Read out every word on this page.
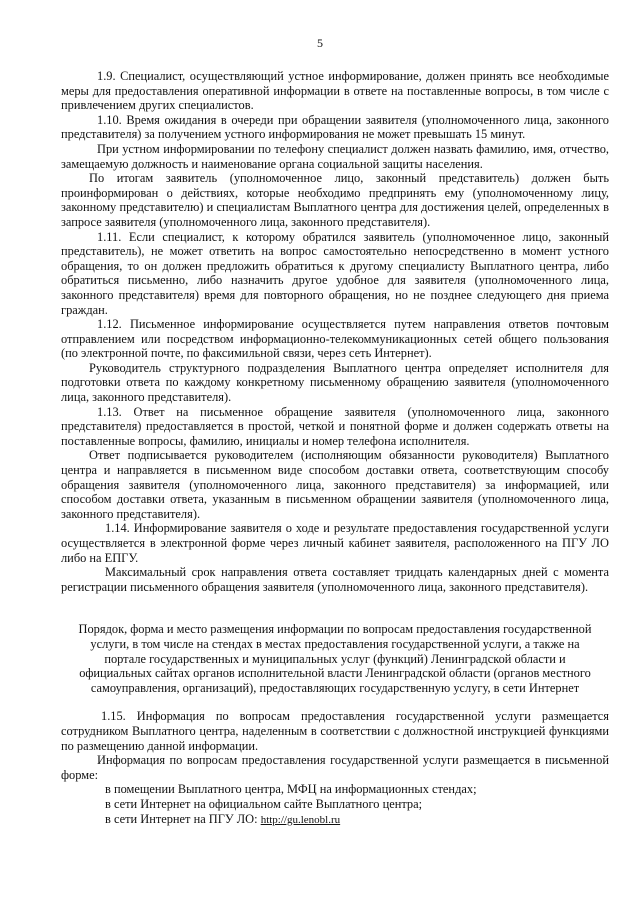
5

1.9. Специалист, осуществляющий устное информирование, должен принять все необходимые меры для предоставления оперативной информации в ответе на поставленные вопросы, в том числе с привлечением других специалистов.

1.10. Время ожидания в очереди при обращении заявителя (уполномоченного лица, законного представителя) за получением устного информирования не может превышать 15 минут.

При устном информировании по телефону специалист должен назвать фамилию, имя, отчество, замещаемую должность и наименование органа социальной защиты населения.

По итогам заявитель (уполномоченное лицо, законный представитель) должен быть проинформирован о действиях, которые необходимо предпринять ему (уполномоченному лицу, законному представителю) и специалистам Выплатного центра для достижения целей, определенных в запросе заявителя (уполномоченного лица, законного представителя).

1.11. Если специалист, к которому обратился заявитель (уполномоченное лицо, законный представитель), не может ответить на вопрос самостоятельно непосредственно в момент устного обращения, то он должен предложить обратиться к другому специалисту Выплатного центра, либо обратиться письменно, либо назначить другое удобное для заявителя (уполномоченного лица, законного представителя) время для повторного обращения, но не позднее следующего дня приема граждан.

1.12. Письменное информирование осуществляется путем направления ответов почтовым отправлением или посредством информационно-телекоммуникационных сетей общего пользования (по электронной почте, по факсимильной связи, через сеть Интернет).

Руководитель структурного подразделения Выплатного центра определяет исполнителя для подготовки ответа по каждому конкретному письменному обращению заявителя (уполномоченного лица, законного представителя).

1.13. Ответ на письменное обращение заявителя (уполномоченного лица, законного представителя) предоставляется в простой, четкой и понятной форме и должен содержать ответы на поставленные вопросы, фамилию, инициалы и номер телефона исполнителя.

Ответ подписывается руководителем (исполняющим обязанности руководителя) Выплатного центра и направляется в письменном виде способом доставки ответа, соответствующим способу обращения заявителя (уполномоченного лица, законного представителя) за информацией, или способом доставки ответа, указанным в письменном обращении заявителя (уполномоченного лица, законного представителя).

1.14. Информирование заявителя о ходе и результате предоставления государственной услуги осуществляется в электронной форме через личный кабинет заявителя, расположенного на ПГУ ЛО либо на ЕПГУ.

Максимальный срок направления ответа составляет тридцать календарных дней с момента регистрации письменного обращения заявителя (уполномоченного лица, законного представителя).

Порядок, форма и место размещения информации по вопросам предоставления государственной услуги, в том числе на стендах в местах предоставления государственной услуги, а также на портале государственных и муниципальных услуг (функций) Ленинградской области и официальных сайтах органов исполнительной власти Ленинградской области (органов местного самоуправления, организаций), предоставляющих государственную услугу, в сети Интернет

1.15. Информация по вопросам предоставления государственной услуги размещается сотрудником Выплатного центра, наделенным в соответствии с должностной инструкцией функциями по размещению данной информации.

Информация по вопросам предоставления государственной услуги размещается в письменной форме:

в помещении Выплатного центра, МФЦ на информационных стендах;
в сети Интернет на официальном сайте Выплатного центра;
в сети Интернет на ПГУ ЛО: http://gu.lenobl.ru
